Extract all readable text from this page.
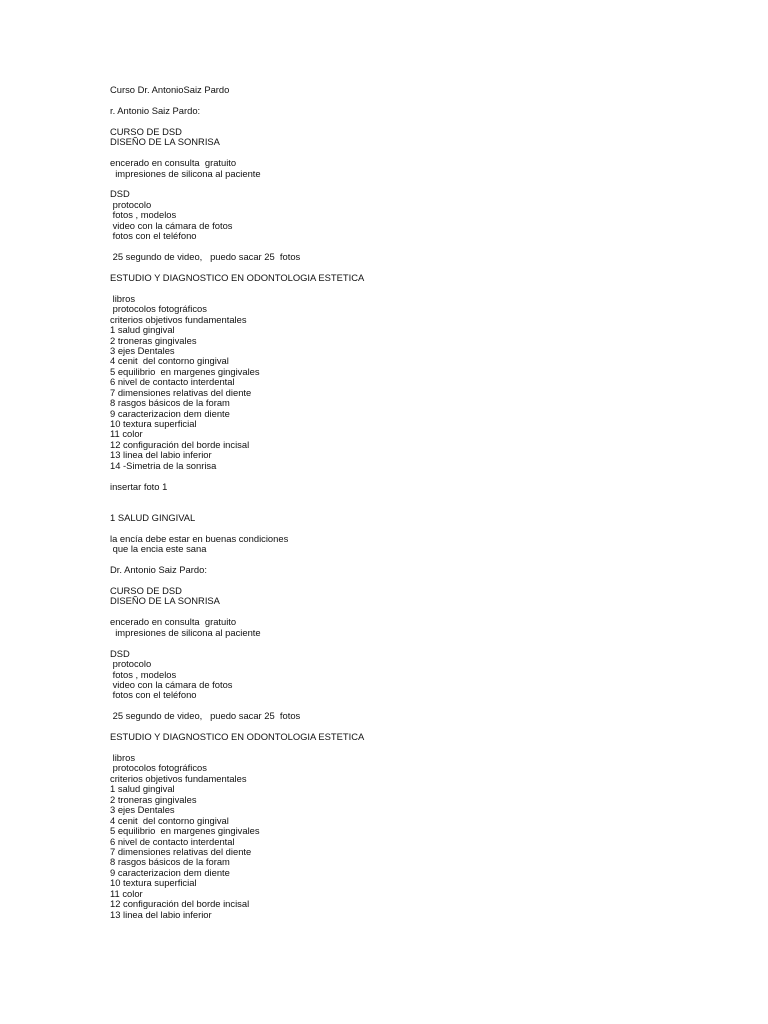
Curso Dr. AntonioSaiz Pardo
r. Antonio Saiz Pardo:
CURSO DE DSD
DISEÑO DE LA SONRISA
encerado en consulta  gratuito
impresiones de silicona al paciente
DSD
protocolo
fotos , modelos
video con la cámara de fotos
fotos con el teléfono
25 segundo de video,   puedo sacar 25  fotos
ESTUDIO Y DIAGNOSTICO EN ODONTOLOGIA ESTETICA
libros
protocolos fotográficos
criterios objetivos fundamentales
1 salud gingival
2 troneras gingivales
3 ejes Dentales
4 cenit  del contorno gingival
5 equilibrio  en margenes gingivales
6 nivel de contacto interdental
7 dimensiones relativas del diente
8 rasgos básicos de la foram
9 caracterizacion dem diente
10 textura superficial
11 color
12 configuración del borde incisal
13 linea del labio inferior
14 -Simetria de la sonrisa
insertar foto 1
1 SALUD GINGIVAL
la encía debe estar en buenas condiciones
que la encia este sana
Dr. Antonio Saiz Pardo:
CURSO DE DSD
DISEÑO DE LA SONRISA
encerado en consulta  gratuito
impresiones de silicona al paciente
DSD
protocolo
fotos , modelos
video con la cámara de fotos
fotos con el teléfono
25 segundo de video,   puedo sacar 25  fotos
ESTUDIO Y DIAGNOSTICO EN ODONTOLOGIA ESTETICA
libros
protocolos fotográficos
criterios objetivos fundamentales
1 salud gingival
2 troneras gingivales
3 ejes Dentales
4 cenit  del contorno gingival
5 equilibrio  en margenes gingivales
6 nivel de contacto interdental
7 dimensiones relativas del diente
8 rasgos básicos de la foram
9 caracterizacion dem diente
10 textura superficial
11 color
12 configuración del borde incisal
13 linea del labio inferior
